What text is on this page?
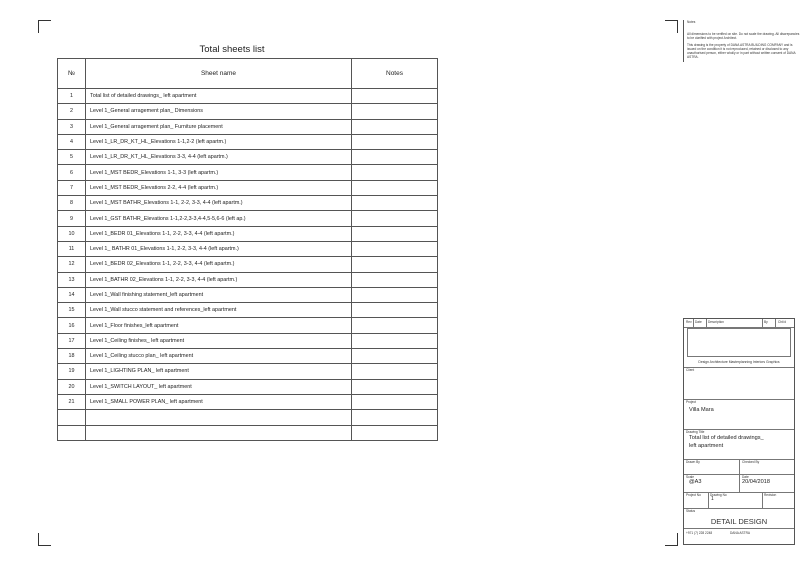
Total sheets list
№	Sheet name	Notes
1	Total list of detailed drawings_ left apartment	
2	Level 1_General arragement plan_ Dimensions	
3	Level 1_General arragement plan_ Furniture placement	
4	Level 1_LR_DR_KT_HL_Elevations 1-1,2-2 (left apartm.)	
5	Level 1_LR_DR_KT_HL_Elevations 3-3, 4-4 (left apartm.)	
6	Level 1_MST BEDR_Elevations 1-1, 3-3 (left apartm.)	
7	Level 1_MST BEDR_Elevations 2-2, 4-4 (left apartm.)	
8	Level 1_MST BATHR_Elevations 1-1, 2-2, 3-3, 4-4 (left apartm.)	
9	Level 1_GST BATHR_Elevations 1-1,2-2,3-3,4-4,5-5,6-6 (left ap.)	
10	Level 1_BEDR 01_Elevations 1-1, 2-2, 3-3, 4-4 (left apartm.)	
11	Level 1_ BATHR 01_Elevations 1-1, 2-2, 3-3, 4-4 (left apartm.)	
12	Level 1_BEDR 02_Elevations 1-1, 2-2, 3-3, 4-4 (left apartm.)	
13	Level 1_BATHR 02_Elevations 1-1, 2-2, 3-3, 4-4 (left apartm.)	
14	Level 1_Wall finishing statement_left apartment	
15	Level 1_Wall stucco statement and references_left apartment	
16	Level 1_Floor finishes_left apartment	
17	Level 1_Ceiling finishes_ left apartment	
18	Level 1_Ceiling stucco plan_ left apartment	
19	Level 1_LIGHTING PLAN_ left apartment	
20	Level 1_SWITCH LAYOUT_ left apartment	
21	Level 1_SMALL POWER PLAN_ left apartment	

Notes

All dimensions to be verified on site. Do not scale the drawing. All discrepancies to be clarified with project Architect.

This drawing is the property of DANA ASTRA BUILDING COMPANY and is issued on the condition it is not reproduced, retained or disclosed to any unauthorised person, either wholly or in part without written consent of DANA ASTRA.

Rev Date Description	By	Chk'd
Design Architecture Masterplanning Interiors Graphics
Client
Project
Villa Mara
Drawing Title
Total list of detailed drawings_
left apartment
Drawn By	Checked By
Scale
@A3
Date
20/04/2018
Project No	Drawing No
1
Revision
Status
DETAIL DESIGN
+971 (7) 228 2248	DANA ASTRA
